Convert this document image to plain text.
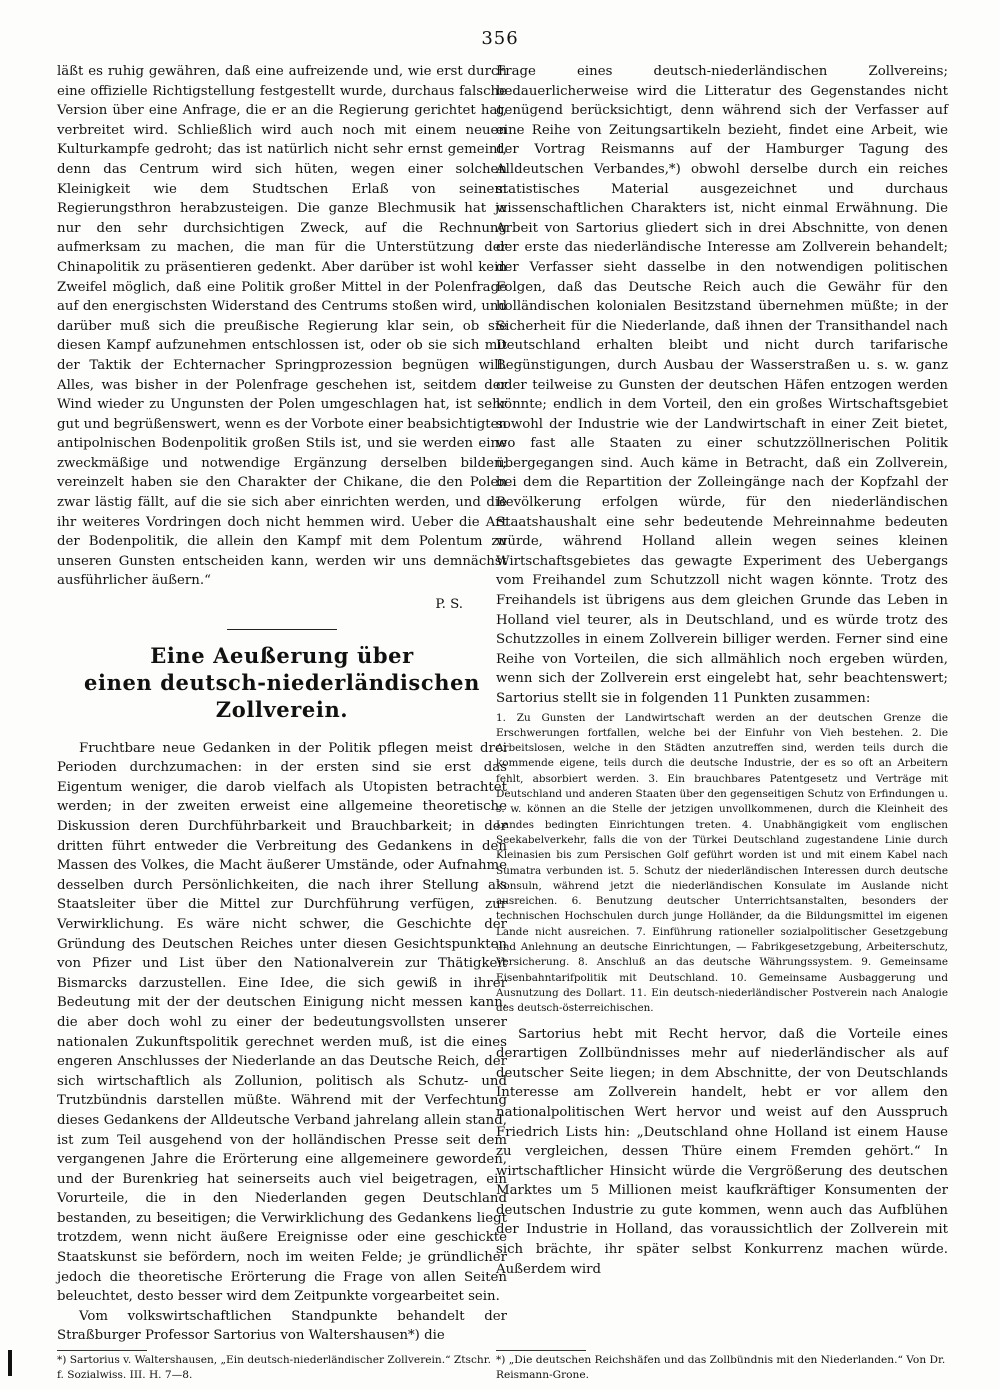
356

läßt es ruhig gewähren, daß eine aufreizende und, wie erst durch eine offizielle Richtigstellung festgestellt wurde, durchaus falsche Version über eine Anfrage, die er an die Regierung gerichtet hat, verbreitet wird. Schließlich wird auch noch mit einem neuen Kulturkampfe gedroht; das ist natürlich nicht sehr ernst gemeint, denn das Centrum wird sich hüten, wegen einer solchen Kleinigkeit wie dem Studtschen Erlaß von seinem Regierungsthron herabzusteigen. Die ganze Blechmusik hat ja nur den sehr durchsichtigen Zweck, auf die Rechnung aufmerksam zu machen, die man für die Unterstützung der Chinapolitik zu präsentieren gedenkt. Aber darüber ist wohl kein Zweifel möglich, daß eine Politik großer Mittel in der Polenfrage auf den energischsten Widerstand des Centrums stoßen wird, und darüber muß sich die preußische Regierung klar sein, ob sie diesen Kampf aufzunehmen entschlossen ist, oder ob sie sich mit der Taktik der Echternacher Springprozession begnügen will. Alles, was bisher in der Polenfrage geschehen ist, seitdem der Wind wieder zu Ungunsten der Polen umgeschlagen hat, ist sehr gut und begrüßenswert, wenn es der Vorbote einer beabsichtigten antipolnischen Bodenpolitik großen Stils ist, und sie werden eine zweckmäßige und notwendige Ergänzung derselben bilden; vereinzelt haben sie den Charakter der Chikane, die den Polen zwar lästig fällt, auf die sie sich aber einrichten werden, und die ihr weiteres Vordringen doch nicht hemmen wird. Ueber die Art der Bodenpolitik, die allein den Kampf mit dem Polentum zu unseren Gunsten entscheiden kann, werden wir uns demnächst ausführlicher äußern.“

P. S.

Eine Aeußerung über
einen deutsch-niederländischen Zollverein.

Fruchtbare neue Gedanken in der Politik pflegen meist drei Perioden durchzumachen: in der ersten sind sie erst das Eigentum weniger, die darob vielfach als Utopisten betrachtet werden; in der zweiten erweist eine allgemeine theoretische Diskussion deren Durchführbarkeit und Brauchbarkeit; in der dritten führt entweder die Verbreitung des Gedankens in den Massen des Volkes, die Macht äußerer Umstände, oder Aufnahme desselben durch Persönlichkeiten, die nach ihrer Stellung als Staatsleiter über die Mittel zur Durchführung verfügen, zur Verwirklichung. Es wäre nicht schwer, die Geschichte der Gründung des Deutschen Reiches unter diesen Gesichtspunkten von Pfizer und List über den Nationalverein zur Thätigkeit Bismarcks darzustellen. Eine Idee, die sich gewiß in ihrer Bedeutung mit der der deutschen Einigung nicht messen kann, die aber doch wohl zu einer der bedeutungsvollsten unserer nationalen Zukunftspolitik gerechnet werden muß, ist die eines engeren Anschlusses der Niederlande an das Deutsche Reich, der sich wirtschaftlich als Zollunion, politisch als Schutz- und Trutzbündnis darstellen müßte. Während mit der Verfechtung dieses Gedankens der Alldeutsche Verband jahrelang allein stand, ist zum Teil ausgehend von der holländischen Presse seit dem vergangenen Jahre die Erörterung eine allgemeinere geworden, und der Burenkrieg hat seinerseits auch viel beigetragen, ein Vorurteile, die in den Niederlanden gegen Deutschland bestanden, zu beseitigen; die Verwirklichung des Gedankens liegt trotzdem, wenn nicht äußere Ereignisse oder eine geschickte Staatskunst sie befördern, noch im weiten Felde; je gründlicher jedoch die theoretische Erörterung die Frage von allen Seiten beleuchtet, desto besser wird dem Zeitpunkte vorgearbeitet sein.

Vom volkswirtschaftlichen Standpunkte behandelt der Straßburger Professor Sartorius von Waltershausen*) die

Frage eines deutsch-niederländischen Zollvereins; bedauerlicherweise wird die Litteratur des Gegenstandes nicht genügend berücksichtigt, denn während sich der Verfasser auf eine Reihe von Zeitungsartikeln bezieht, findet eine Arbeit, wie der Vortrag Reismanns auf der Hamburger Tagung des Alldeutschen Verbandes,*) obwohl derselbe durch ein reiches statistisches Material ausgezeichnet und durchaus wissenschaftlichen Charakters ist, nicht einmal Erwähnung. Die Arbeit von Sartorius gliedert sich in drei Abschnitte, von denen der erste das niederländische Interesse am Zollverein behandelt; der Verfasser sieht dasselbe in den notwendigen politischen Folgen, daß das Deutsche Reich auch die Gewähr für den holländischen kolonialen Besitzstand übernehmen müßte; in der Sicherheit für die Niederlande, daß ihnen der Transithandel nach Deutschland erhalten bleibt und nicht durch tarifarische Begünstigungen, durch Ausbau der Wasserstraßen u. s. w. ganz oder teilweise zu Gunsten der deutschen Häfen entzogen werden könnte; endlich in dem Vorteil, den ein großes Wirtschaftsgebiet sowohl der Industrie wie der Landwirtschaft in einer Zeit bietet, wo fast alle Staaten zu einer schutzzöllnerischen Politik übergegangen sind. Auch käme in Betracht, daß ein Zollverein, bei dem die Repartition der Zolleingänge nach der Kopfzahl der Bevölkerung erfolgen würde, für den niederländischen Staatshaushalt eine sehr bedeutende Mehreinnahme bedeuten würde, während Holland allein wegen seines kleinen Wirtschaftsgebietes das gewagte Experiment des Uebergangs vom Freihandel zum Schutzzoll nicht wagen könnte. Trotz des Freihandels ist übrigens aus dem gleichen Grunde das Leben in Holland viel teurer, als in Deutschland, und es würde trotz des Schutzzolles in einem Zollverein billiger werden. Ferner sind eine Reihe von Vorteilen, die sich allmählich noch ergeben würden, wenn sich der Zollverein erst eingelebt hat, sehr beachtenswert; Sartorius stellt sie in folgenden 11 Punkten zusammen:

1. Zu Gunsten der Landwirtschaft werden an der deutschen Grenze die Erschwerungen fortfallen, welche bei der Einfuhr von Vieh bestehen. 2. Die Arbeitslosen, welche in den Städten anzutreffen sind, werden teils durch die kommende eigene, teils durch die deutsche Industrie, der es so oft an Arbeitern fehlt, absorbiert werden. 3. Ein brauchbares Patentgesetz und Verträge mit Deutschland und anderen Staaten über den gegenseitigen Schutz von Erfindungen u. s. w. können an die Stelle der jetzigen unvollkommenen, durch die Kleinheit des Landes bedingten Einrichtungen treten. 4. Unabhängigkeit vom englischen Seekabelverkehr, falls die von der Türkei Deutschland zugestandene Linie durch Kleinasien bis zum Persischen Golf geführt worden ist und mit einem Kabel nach Sumatra verbunden ist. 5. Schutz der niederländischen Interessen durch deutsche Konsuln, während jetzt die niederländischen Konsulate im Auslande nicht ausreichen. 6. Benutzung deutscher Unterrichtsanstalten, besonders der technischen Hochschulen durch junge Holländer, da die Bildungsmittel im eigenen Lande nicht ausreichen. 7. Einführung rationeller sozialpolitischer Gesetzgebung und Anlehnung an deutsche Einrichtungen, — Fabrikgesetzgebung, Arbeiterschutz, Versicherung. 8. Anschluß an das deutsche Währungssystem. 9. Gemeinsame Eisenbahntarifpolitik mit Deutschland. 10. Gemeinsame Ausbaggerung und Ausnutzung des Dollart. 11. Ein deutsch-niederländischer Postverein nach Analogie des deutsch-österreichischen.

Sartorius hebt mit Recht hervor, daß die Vorteile eines derartigen Zollbündnisses mehr auf niederländischer als auf deutscher Seite liegen; in dem Abschnitte, der von Deutschlands Interesse am Zollverein handelt, hebt er vor allem den nationalpolitischen Wert hervor und weist auf den Ausspruch Friedrich Lists hin: „Deutschland ohne Holland ist einem Hause zu vergleichen, dessen Thüre einem Fremden gehört.“ In wirtschaftlicher Hinsicht würde die Vergrößerung des deutschen Marktes um 5 Millionen meist kaufkräftiger Konsumenten der deutschen Industrie zu gute kommen, wenn auch das Aufblühen der Industrie in Holland, das voraussichtlich der Zollverein mit sich brächte, ihr später selbst Konkurrenz machen würde. Außerdem wird

*) Sartorius v. Waltershausen, „Ein deutsch-niederländischer Zollverein.“ Ztschr. f. Sozialwiss. III. H. 7—8.
*) „Die deutschen Reichshäfen und das Zollbündnis mit den Niederlanden.“ Von Dr. Reismann-Grone.
